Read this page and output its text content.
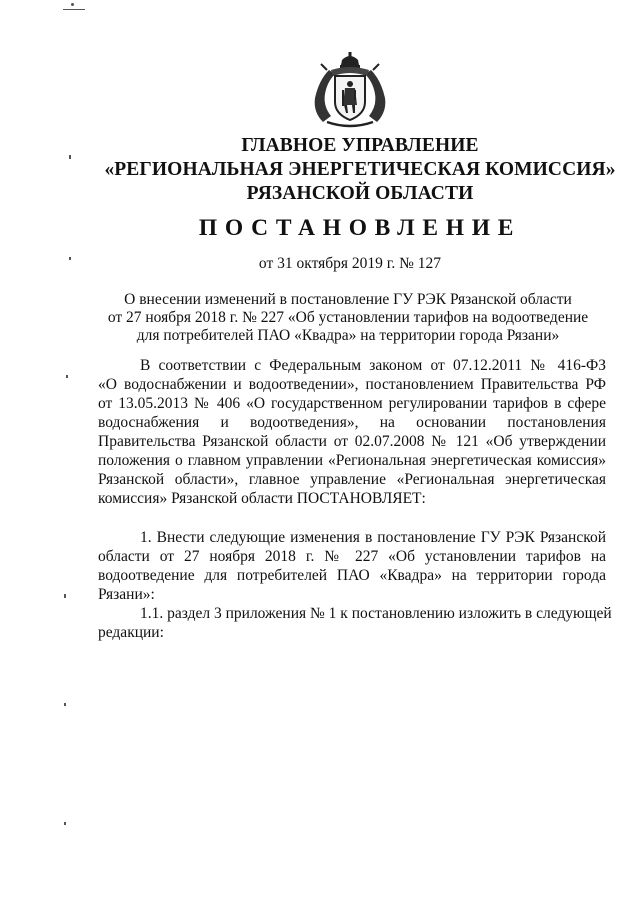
ГЛАВНОЕ УПРАВЛЕНИЕ
«РЕГИОНАЛЬНАЯ ЭНЕРГЕТИЧЕСКАЯ КОМИССИЯ»
РЯЗАНСКОЙ ОБЛАСТИ
ПОСТАНОВЛЕНИЕ
от 31 октября 2019 г. № 127
О внесении изменений в постановление ГУ РЭК Рязанской области
от 27 ноября 2018 г. № 227 «Об установлении тарифов на водоотведение
для потребителей ПАО «Квадра» на территории города Рязани»
В соответствии с Федеральным законом от 07.12.2011 № 416-ФЗ
«О водоснабжении и водоотведении», постановлением Правительства РФ
от 13.05.2013 № 406 «О государственном регулировании тарифов в сфере
водоснабжения и водоотведения», на основании постановления
Правительства Рязанской области от 02.07.2008 № 121 «Об утверждении
положения о главном управлении «Региональная энергетическая комиссия»
Рязанской области», главное управление «Региональная энергетическая
комиссия» Рязанской области ПОСТАНОВЛЯЕТ:
1. Внести следующие изменения в постановление ГУ РЭК Рязанской
области от 27 ноября 2018 г. № 227 «Об установлении тарифов на
водоотведение для потребителей ПАО «Квадра» на территории города
Рязани»:
1.1. раздел 3 приложения № 1 к постановлению изложить в следующей
редакции:
